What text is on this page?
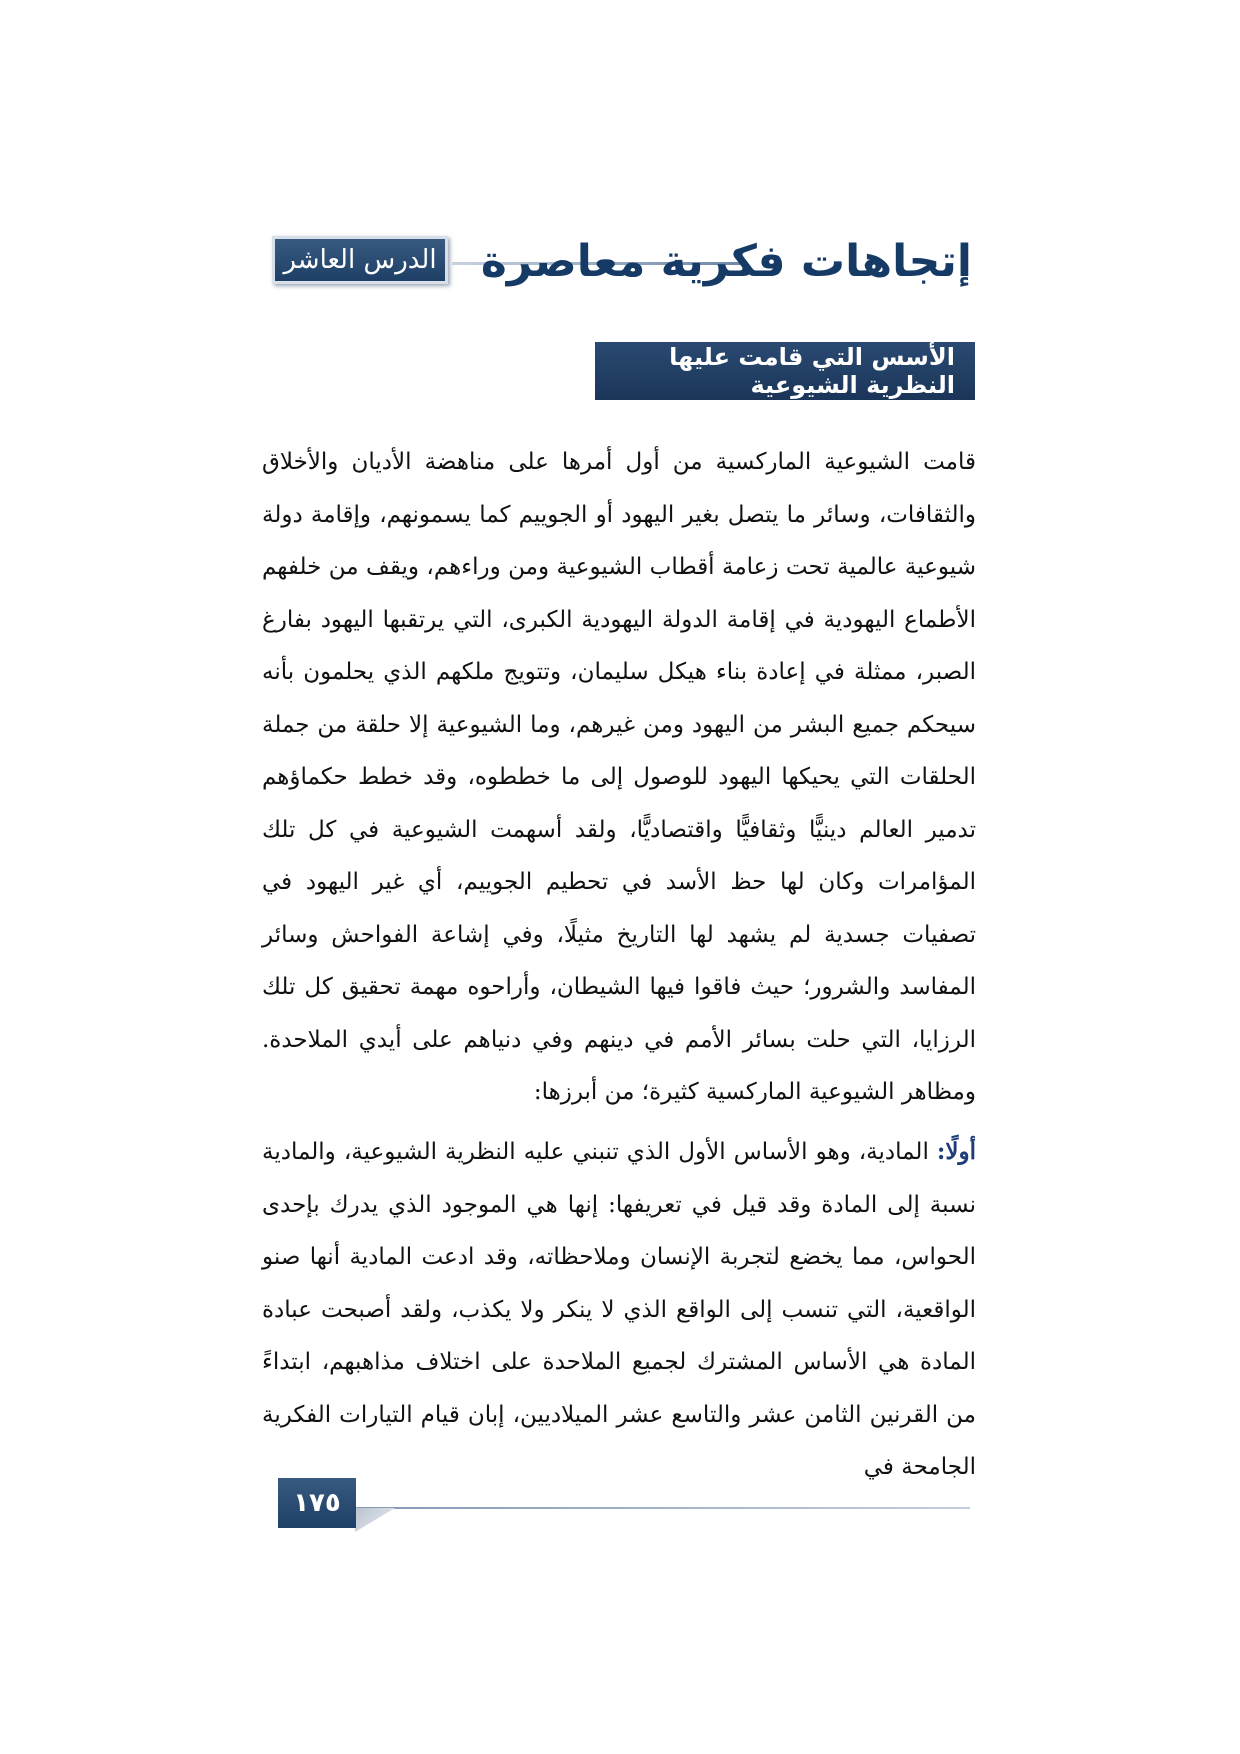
الدرس العاشر إتجاهات فكرية معاصرة
الأسس التي قامت عليها النظرية الشيوعية
قامت الشيوعية الماركسية من أول أمرها على مناهضة الأديان والأخلاق والثقافات، وسائر ما يتصل بغير اليهود أو الجوييم كما يسمونهم، وإقامة دولة شيوعية عالمية تحت زعامة أقطاب الشيوعية ومن وراءهم، ويقف من خلفهم الأطماع اليهودية في إقامة الدولة اليهودية الكبرى، التي يرتقبها اليهود بفارغ الصبر، ممثلة في إعادة بناء هيكل سليمان، وتتويج ملكهم الذي يحلمون بأنه سيحكم جميع البشر من اليهود ومن غيرهم، وما الشيوعية إلا حلقة من جملة الحلقات التي يحيكها اليهود للوصول إلى ما خططوه، وقد خطط حكماؤهم تدمير العالم دينيًّا وثقافيًّا واقتصاديًّا، ولقد أسهمت الشيوعية في كل تلك المؤامرات وكان لها حظ الأسد في تحطيم الجوييم، أي غير اليهود في تصفيات جسدية لم يشهد لها التاريخ مثيلًا، وفي إشاعة الفواحش وسائر المفاسد والشرور؛ حيث فاقوا فيها الشيطان، وأراحوه مهمة تحقيق كل تلك الرزايا، التي حلت بسائر الأمم في دينهم وفي دنياهم على أيدي الملاحدة. ومظاهر الشيوعية الماركسية كثيرة؛ من أبرزها:
أولًا: المادية، وهو الأساس الأول الذي تنبني عليه النظرية الشيوعية، والمادية نسبة إلى المادة وقد قيل في تعريفها: إنها هي الموجود الذي يدرك بإحدى الحواس، مما يخضع لتجربة الإنسان وملاحظاته، وقد ادعت المادية أنها صنو الواقعية، التي تنسب إلى الواقع الذي لا ينكر ولا يكذب، ولقد أصبحت عبادة المادة هي الأساس المشترك لجميع الملاحدة على اختلاف مذاهبهم، ابتداءً من القرنين الثامن عشر والتاسع عشر الميلاديين، إبان قيام التيارات الفكرية الجامحة في
١٧٥
